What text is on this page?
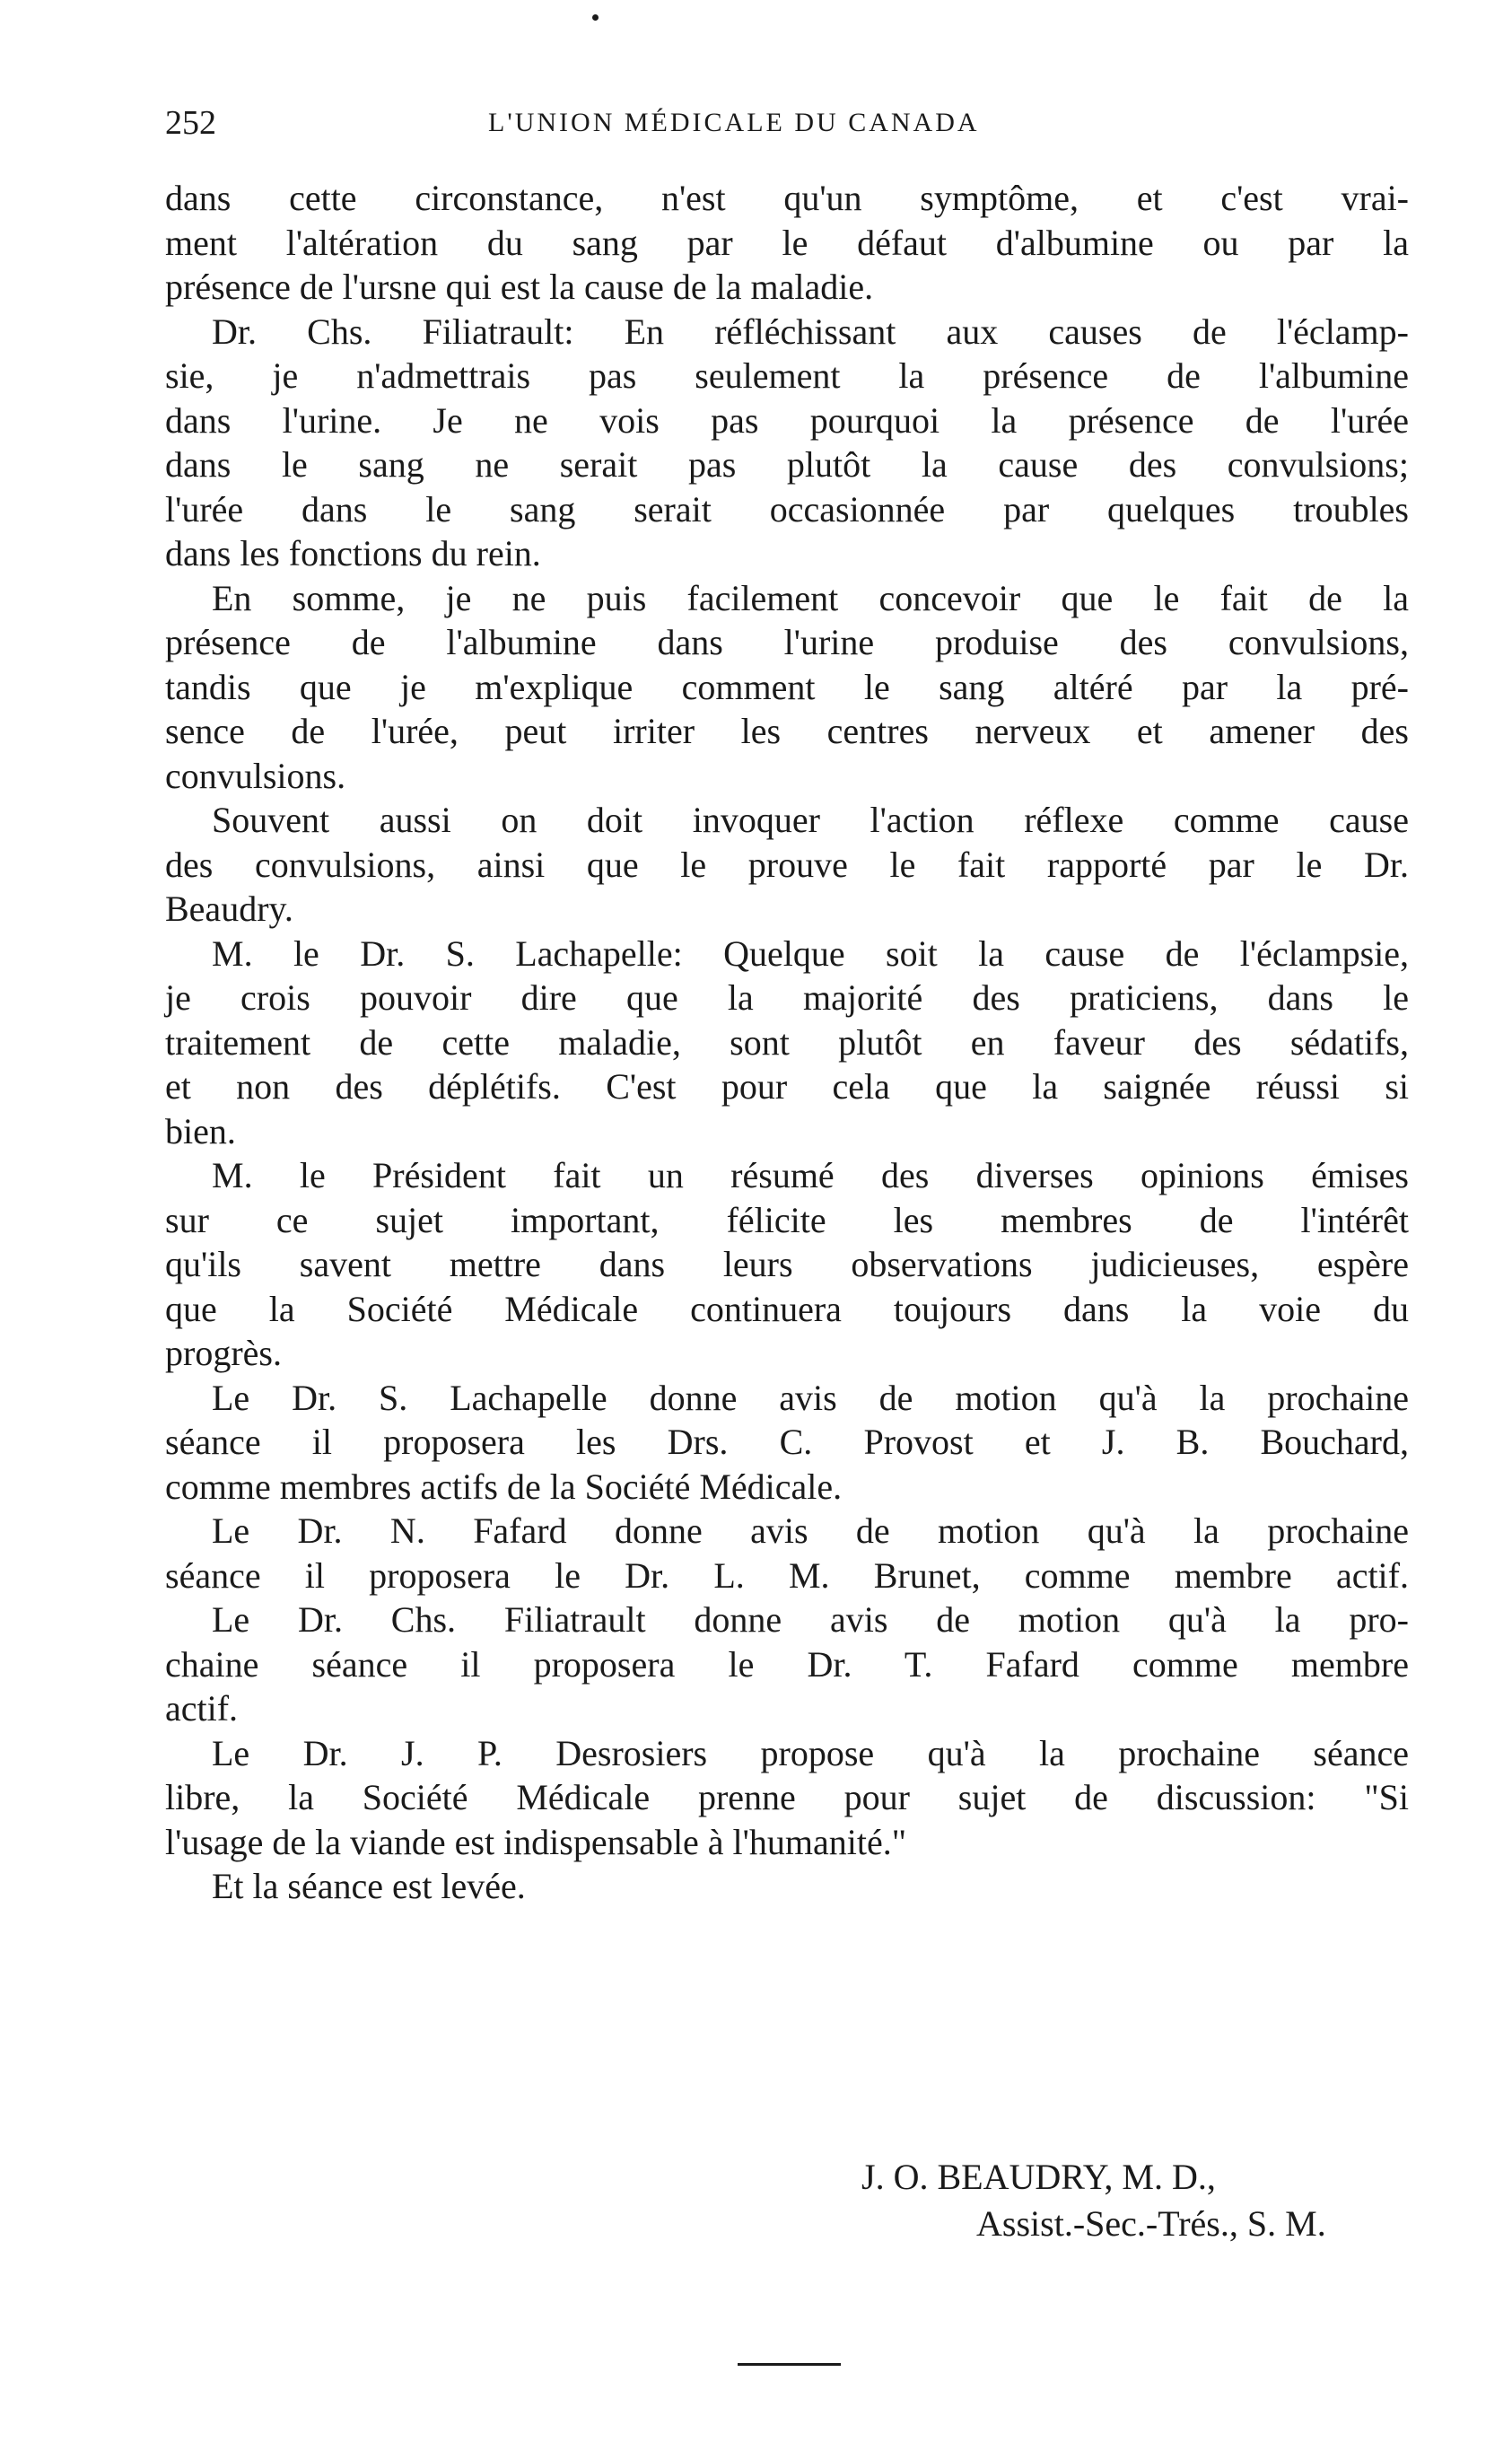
252	L'UNION MÉDICALE DU CANADA
dans cette circonstance, n'est qu'un symptôme, et c'est vrai-
ment l'altération du sang par le défaut d'albumine ou par la
présence de l'ursne qui est la cause de la maladie.
Dr. Chs. Filiatrault: En réfléchissant aux causes de l'éclamp-
sie, je n'admettrais pas seulement la présence de l'albumine
dans l'urine. Je ne vois pas pourquoi la présence de l'urée
dans le sang ne serait pas plutôt la cause des convulsions;
l'urée dans le sang serait occasionnée par quelques troubles
dans les fonctions du rein.
En somme, je ne puis facilement concevoir que le fait de la
présence de l'albumine dans l'urine produise des convulsions,
tandis que je m'explique comment le sang altéré par la pré-
sence de l'urée, peut irriter les centres nerveux et amener des
convulsions.
Souvent aussi on doit invoquer l'action réflexe comme cause
des convulsions, ainsi que le prouve le fait rapporté par le Dr.
Beaudry.
M. le Dr. S. Lachapelle: Quelque soit la cause de l'éclampsie,
je crois pouvoir dire que la majorité des praticiens, dans le
traitement de cette maladie, sont plutôt en faveur des sédatifs,
et non des déplétifs. C'est pour cela que la saignée réussi si
bien.
M. le Président fait un résumé des diverses opinions émises
sur ce sujet important, félicite les membres de l'intérêt
qu'ils savent mettre dans leurs observations judicieuses, espère
que la Société Médicale continuera toujours dans la voie du
progrès.
Le Dr. S. Lachapelle donne avis de motion qu'à la prochaine
séance il proposera les Drs. C. Provost et J. B. Bouchard,
comme membres actifs de la Société Médicale.
Le Dr. N. Fafard donne avis de motion qu'à la prochaine
séance il proposera le Dr. L. M. Brunet, comme membre actif.
Le Dr. Chs. Filiatrault donne avis de motion qu'à la pro-
chaine séance il proposera le Dr. T. Fafard comme membre
actif.
Le Dr. J. P. Desrosiers propose qu'à la prochaine séance
libre, la Société Médicale prenne pour sujet de discussion: "Si
l'usage de la viande est indispensable à l'humanité."
Et la séance est levée.
J. O. BEAUDRY, M. D.,
Assist.-Sec.-Trés., S. M.
